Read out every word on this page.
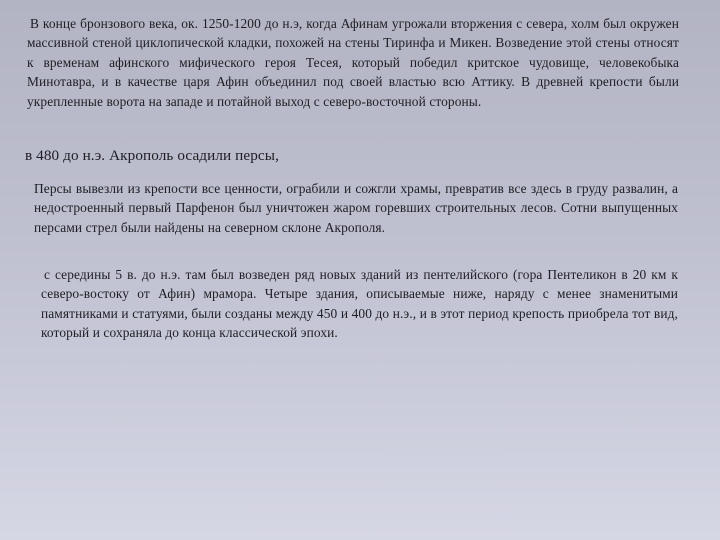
В конце бронзового века, ок. 1250-1200 до н.э, когда Афинам угрожали вторжения с севера, холм был окружен массивной стеной циклопической кладки, похожей на стены Тиринфа и Микен. Возведение этой стены относят к временам афинского мифического героя Тесея, который победил критское чудовище, человекобыка Минотавра, и в качестве царя Афин объединил под своей властью всю Аттику. В древней крепости были укрепленные ворота на западе и потайной выход с северо-восточной стороны.

в 480 до н.э. Акрополь осадили персы,

Персы вывезли из крепости все ценности, ограбили и сожгли храмы, превратив все здесь в груду развалин, а недостроенный первый Парфенон был уничтожен жаром горевших строительных лесов. Сотни выпущенных персами стрел были найдены на северном склоне Акрополя.

с середины 5 в. до н.э. там был возведен ряд новых зданий из пентелийского (гора Пентеликон в 20 км к северо-востоку от Афин) мрамора. Четыре здания, описываемые ниже, наряду с менее знаменитыми памятниками и статуями, были созданы между 450 и 400 до н.э., и в этот период крепость приобрела тот вид, который и сохраняла до конца классической эпохи.
